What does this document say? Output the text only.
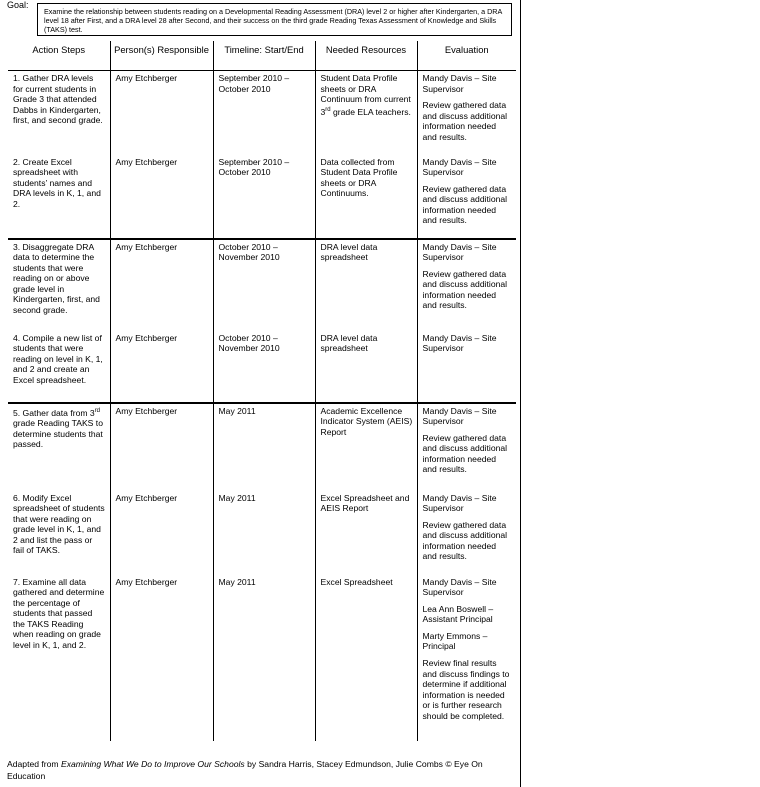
Goal:
Examine the relationship between students reading on a Developmental Reading Assessment (DRA) level 2 or higher after Kindergarten, a DRA level 18 after First, and a DRA level 28 after Second, and their success on the third grade Reading Texas Assessment of Knowledge and Skills (TAKS) test.
Action Steps	Person(s) Responsible	Timeline: Start/End	Needed Resources	Evaluation
1. Gather DRA levels for current students in Grade 3 that attended Dabbs in Kindergarten, first, and second grade.	Amy Etchberger	September 2010 – October 2010	Student Data Profile sheets or DRA Continuum from current 3rd grade ELA teachers.	Mandy Davis – Site Supervisor
Review gathered data and discuss additional information needed and results.

2. Create Excel spreadsheet with students’ names and DRA levels in K, 1, and 2.	Amy Etchberger	September 2010 – October 2010	Data collected from Student Data Profile sheets or DRA Continuums.	Mandy Davis – Site Supervisor
Review gathered data and discuss additional information needed and results.

3. Disaggregate DRA data to determine the students that were reading on or above grade level in Kindergarten, first, and second grade.	Amy Etchberger	October 2010 – November 2010	DRA level data spreadsheet	Mandy Davis – Site Supervisor
Review gathered data and discuss additional information needed and results.

4. Compile a new list of students that were reading on level in K, 1, and 2 and create an Excel spreadsheet.	Amy Etchberger	October 2010 – November 2010	DRA level data spreadsheet	Mandy Davis – Site Supervisor

5. Gather data from 3rd grade Reading TAKS to determine students that passed.	Amy Etchberger	May 2011	Academic Excellence Indicator System (AEIS) Report	Mandy Davis – Site Supervisor
Review gathered data and discuss additional information needed and results.

6. Modify Excel spreadsheet of students that were reading on grade level in K, 1, and 2 and list the pass or fail of TAKS.	Amy Etchberger	May 2011	Excel Spreadsheet and AEIS Report	Mandy Davis – Site Supervisor
Review gathered data and discuss additional information needed and results.

7. Examine all data gathered and determine the percentage of students that passed the TAKS Reading when reading on grade level in K, 1, and 2.	Amy Etchberger	May 2011	Excel Spreadsheet	Mandy Davis – Site Supervisor
Lea Ann Boswell – Assistant Principal
Marty Emmons – Principal
Review final results and discuss findings to determine if additional information is needed or is further research should be completed.
Adapted from Examining What We Do to Improve Our Schools by Sandra Harris, Stacey Edmundson, Julie Combs © Eye On Education
